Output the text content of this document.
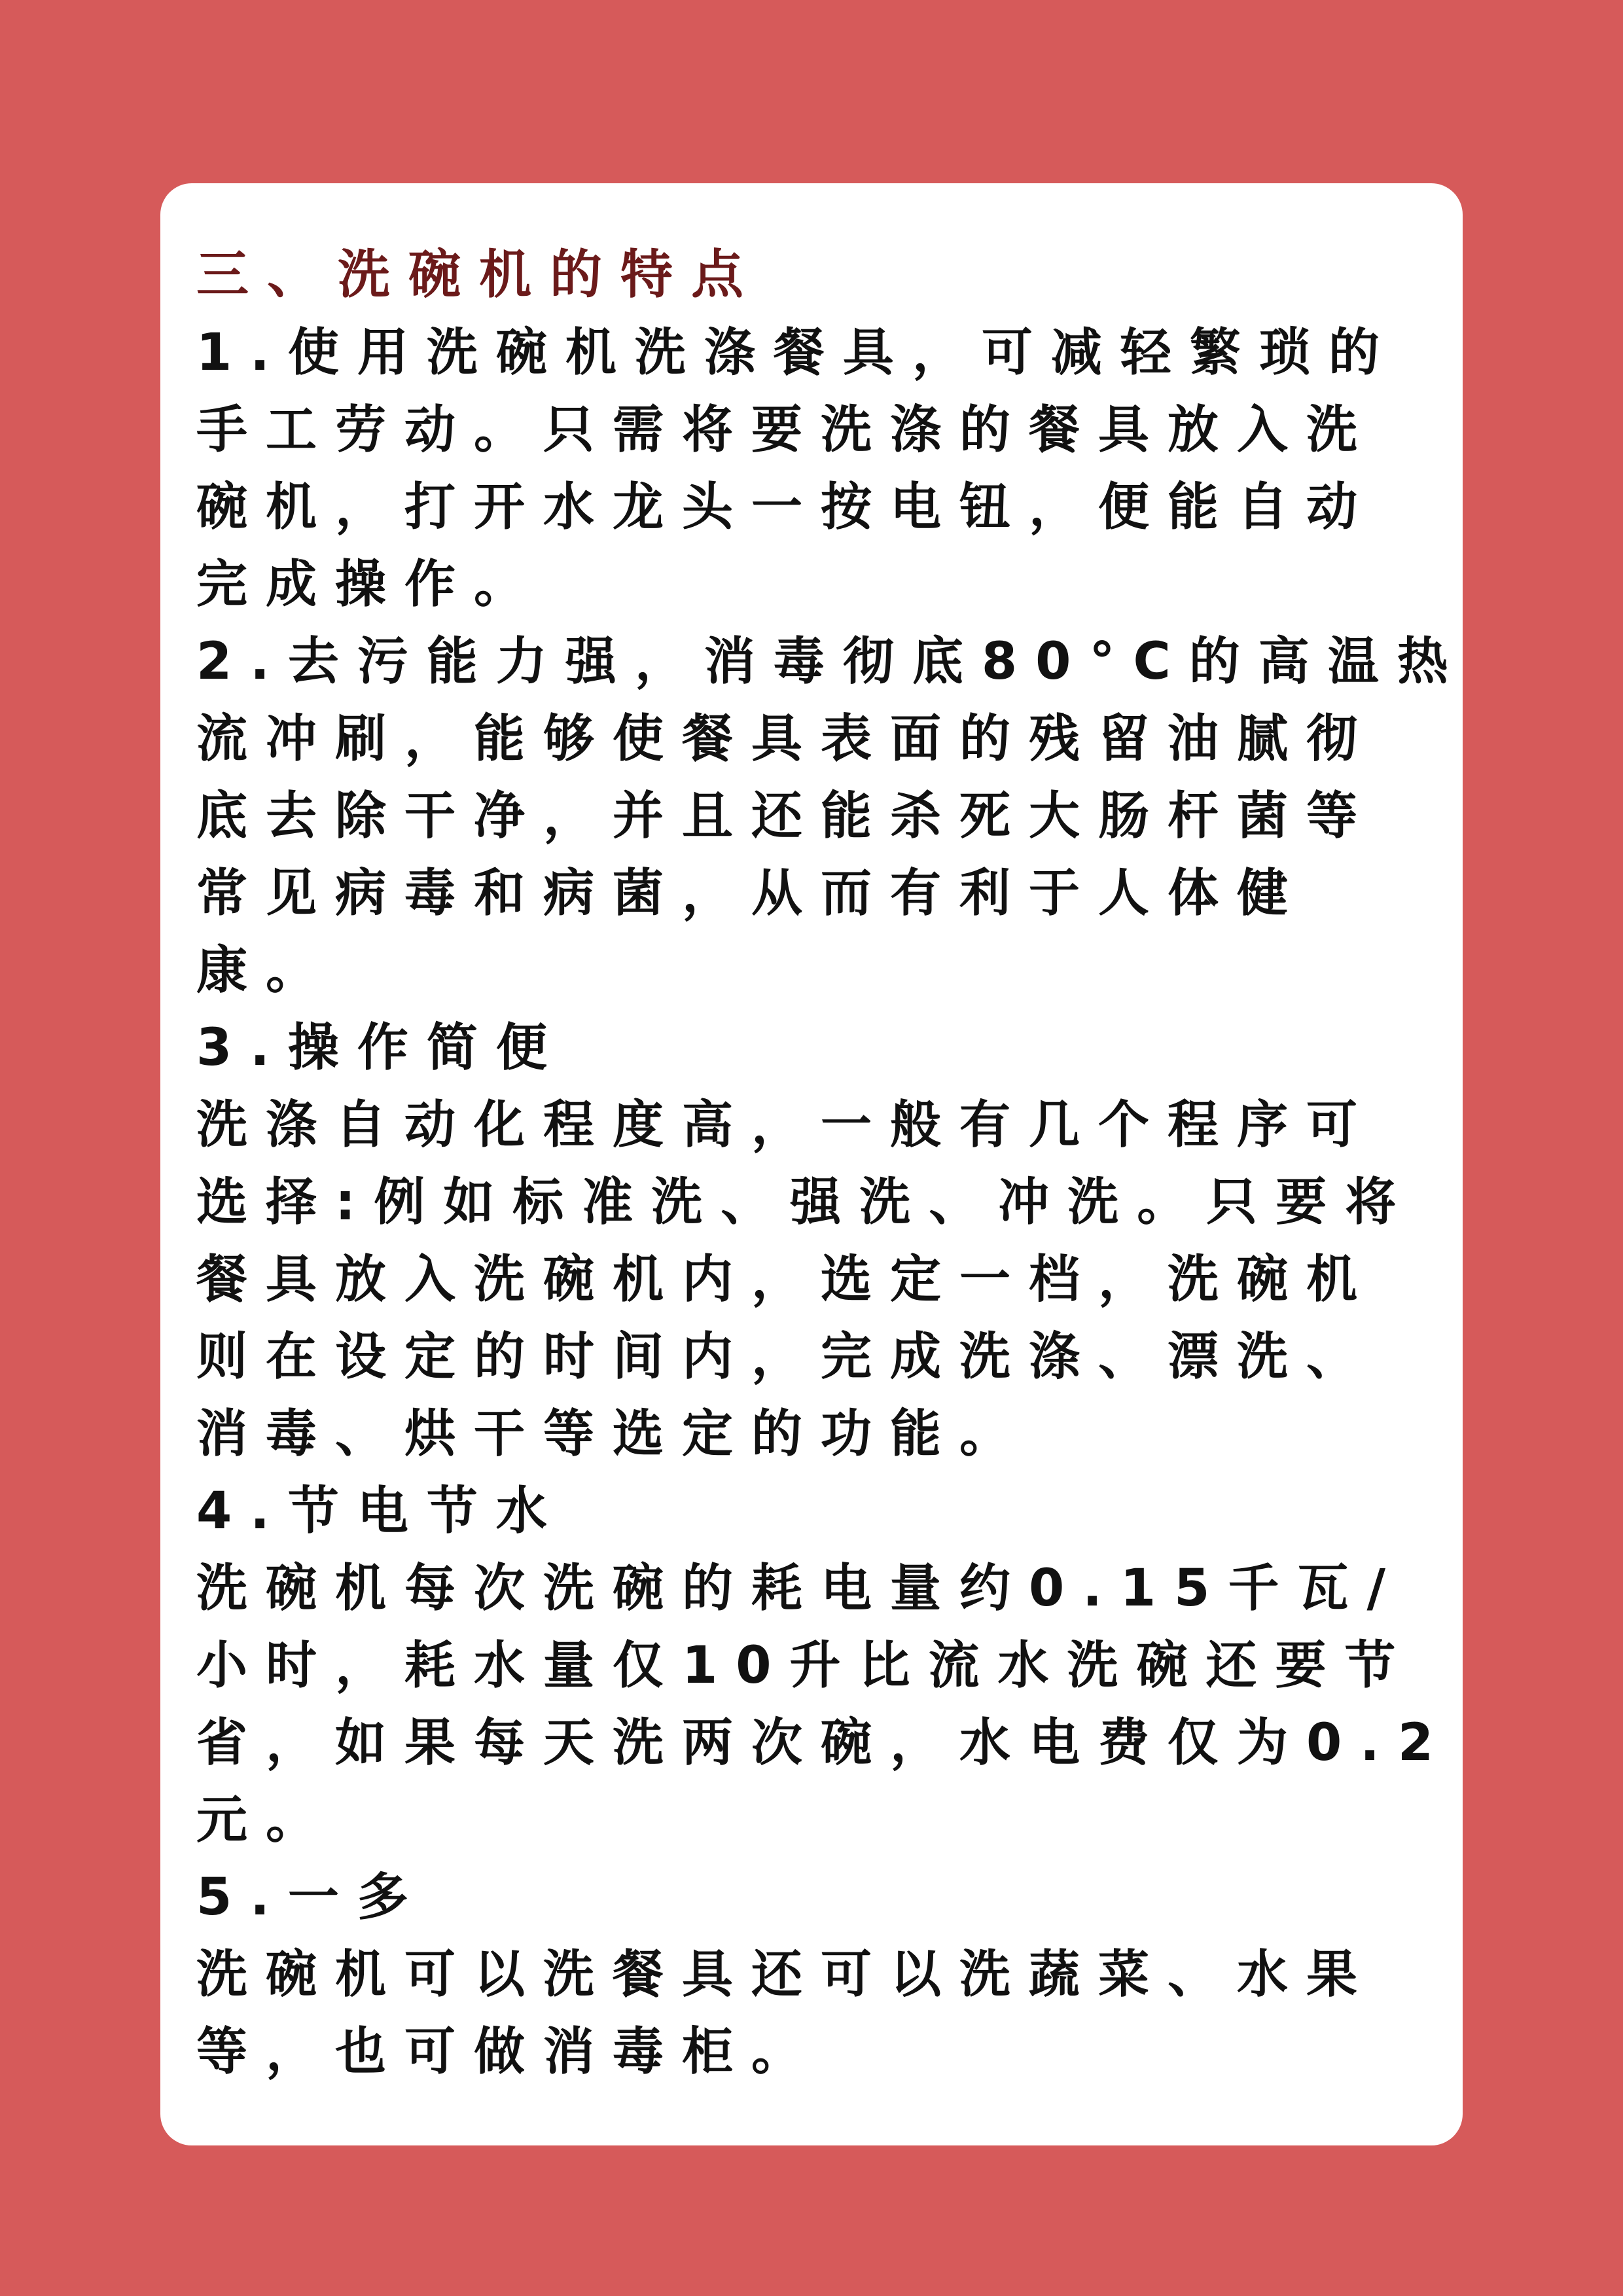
三、洗碗机的特点
1.使用洗碗机洗涤餐具，可减轻繁琐的
手工劳动。只需将要洗涤的餐具放入洗
碗机，打开水龙头一按电钮，便能自动
完成操作。
2.去污能力强，消毒彻底80°C的高温热
流冲刷，能够使餐具表面的残留油腻彻
底去除干净，并且还能杀死大肠杆菌等
常见病毒和病菌，从而有利于人体健
康。
3.操作简便
洗涤自动化程度高，一般有几个程序可
选择:例如标准洗、强洗、冲洗。只要将
餐具放入洗碗机内，选定一档，洗碗机
则在设定的时间内，完成洗涤、漂洗、
消毒、烘干等选定的功能。
4.节电节水
洗碗机每次洗碗的耗电量约0.15千瓦/
小时，耗水量仅10升比流水洗碗还要节
省，如果每天洗两次碗，水电费仅为0.2
元。
5.一多
洗碗机可以洗餐具还可以洗蔬菜、水果
等，也可做消毒柜。
